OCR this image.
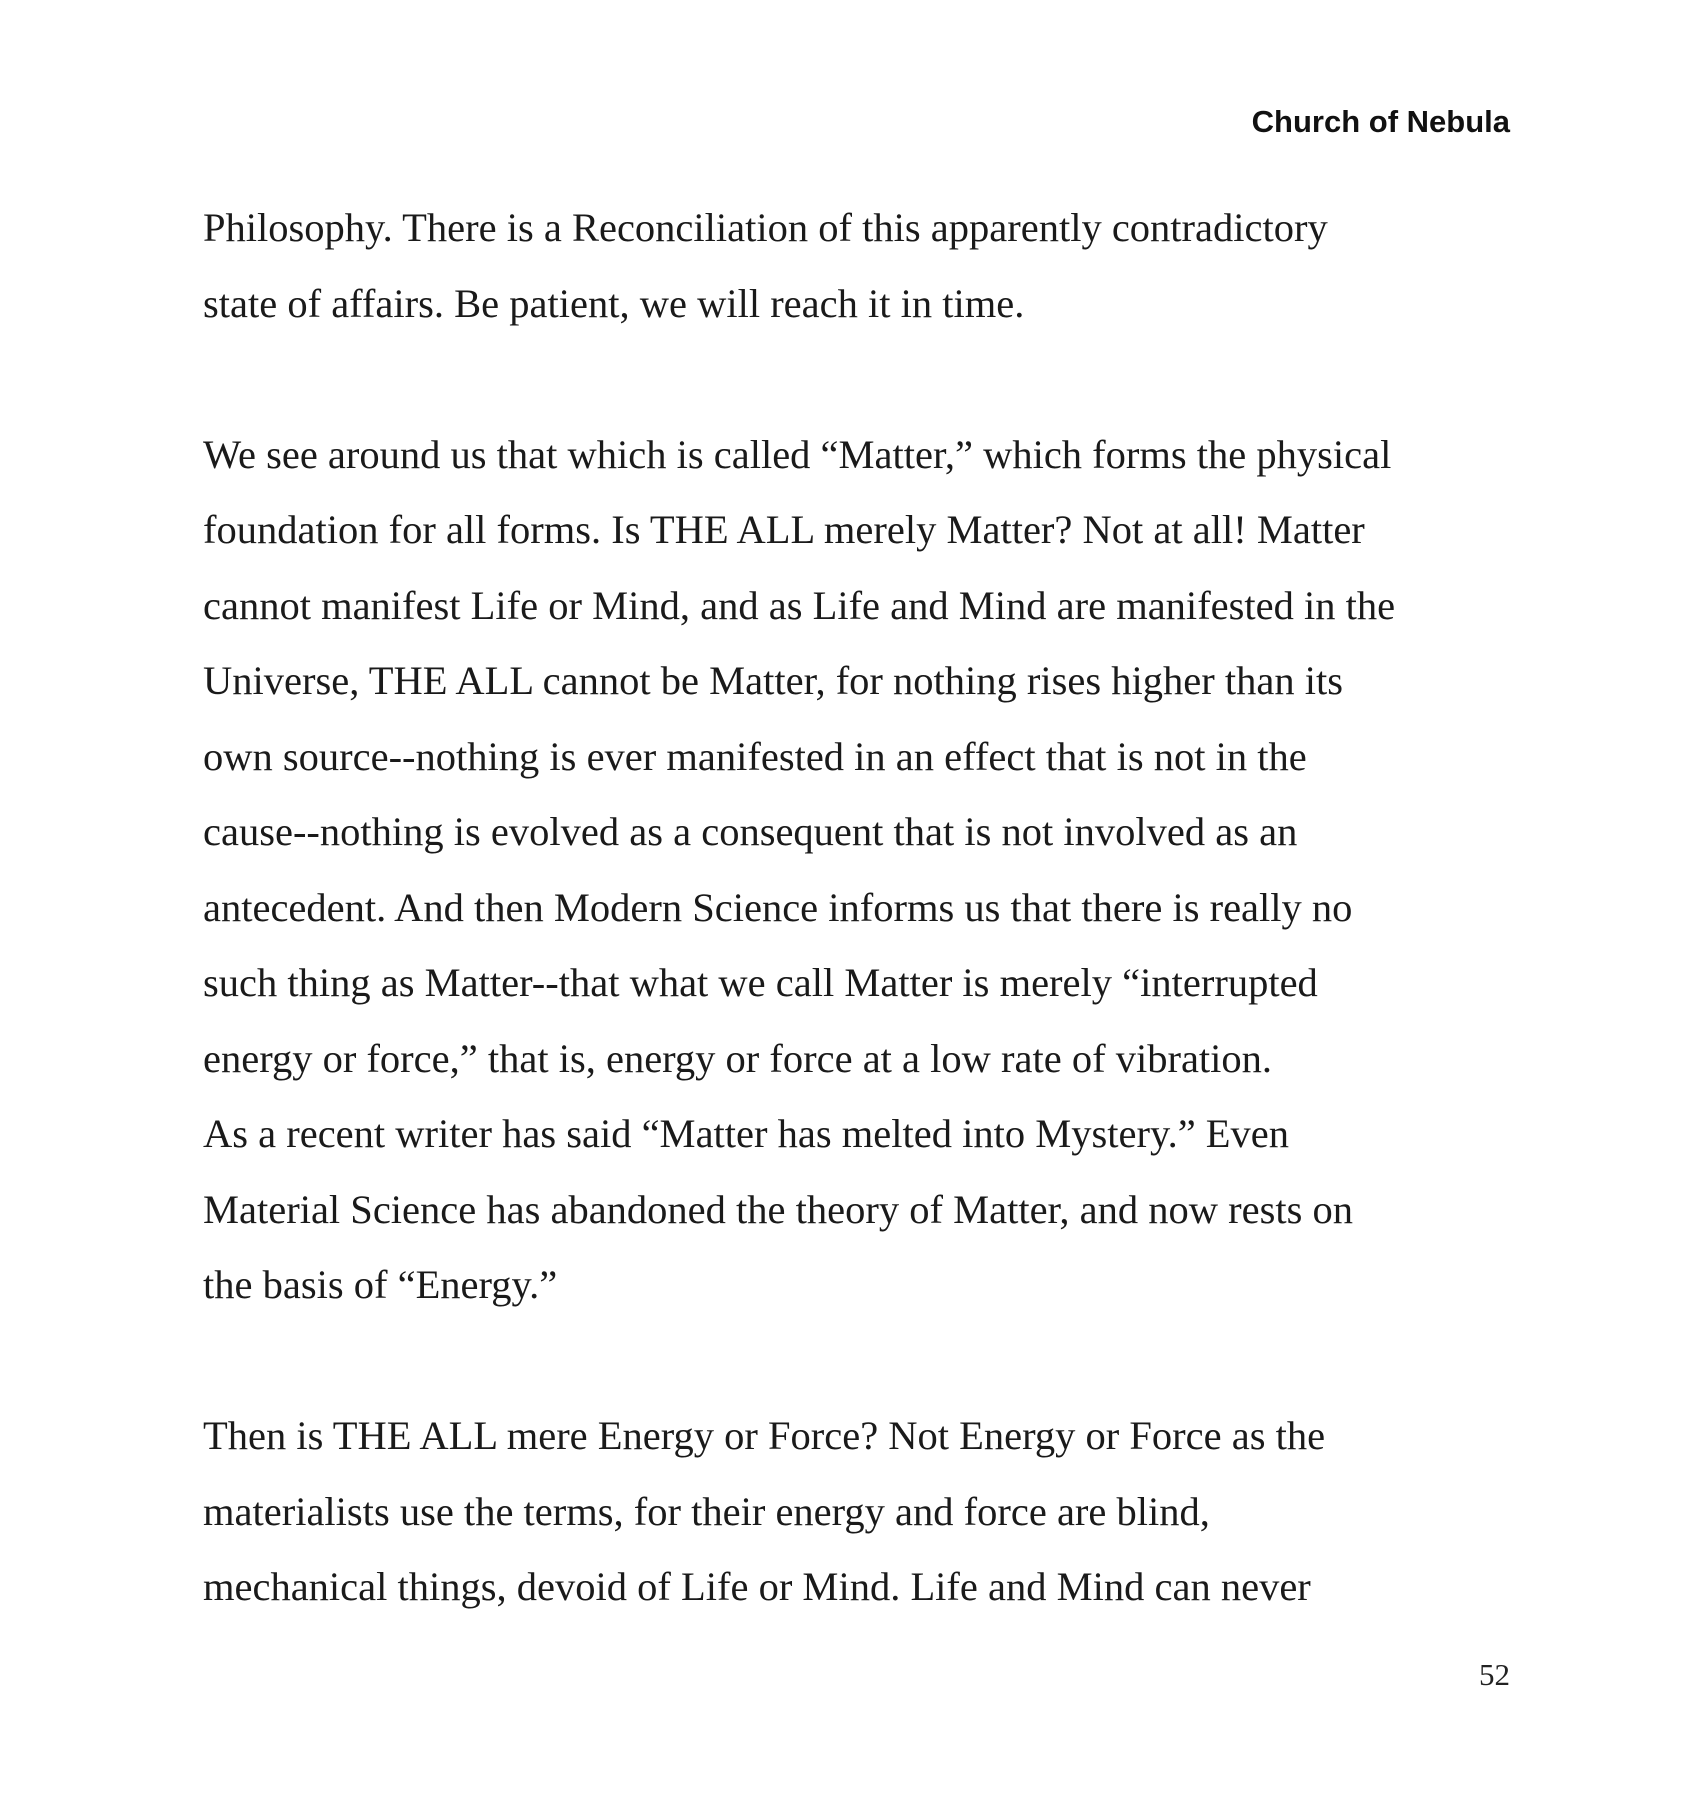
Church of Nebula
Philosophy. There is a Reconciliation of this apparently contradictory
state of affairs. Be patient, we will reach it in time.
We see around us that which is called “Matter,” which forms the physical
foundation for all forms. Is THE ALL merely Matter? Not at all! Matter
cannot manifest Life or Mind, and as Life and Mind are manifested in the
Universe, THE ALL cannot be Matter, for nothing rises higher than its
own source--nothing is ever manifested in an effect that is not in the
cause--nothing is evolved as a consequent that is not involved as an
antecedent. And then Modern Science informs us that there is really no
such thing as Matter--that what we call Matter is merely “interrupted
energy or force,” that is, energy or force at a low rate of vibration.
As a recent writer has said “Matter has melted into Mystery.” Even
Material Science has abandoned the theory of Matter, and now rests on
the basis of “Energy.”
Then is THE ALL mere Energy or Force? Not Energy or Force as the
materialists use the terms, for their energy and force are blind,
mechanical things, devoid of Life or Mind. Life and Mind can never
52
